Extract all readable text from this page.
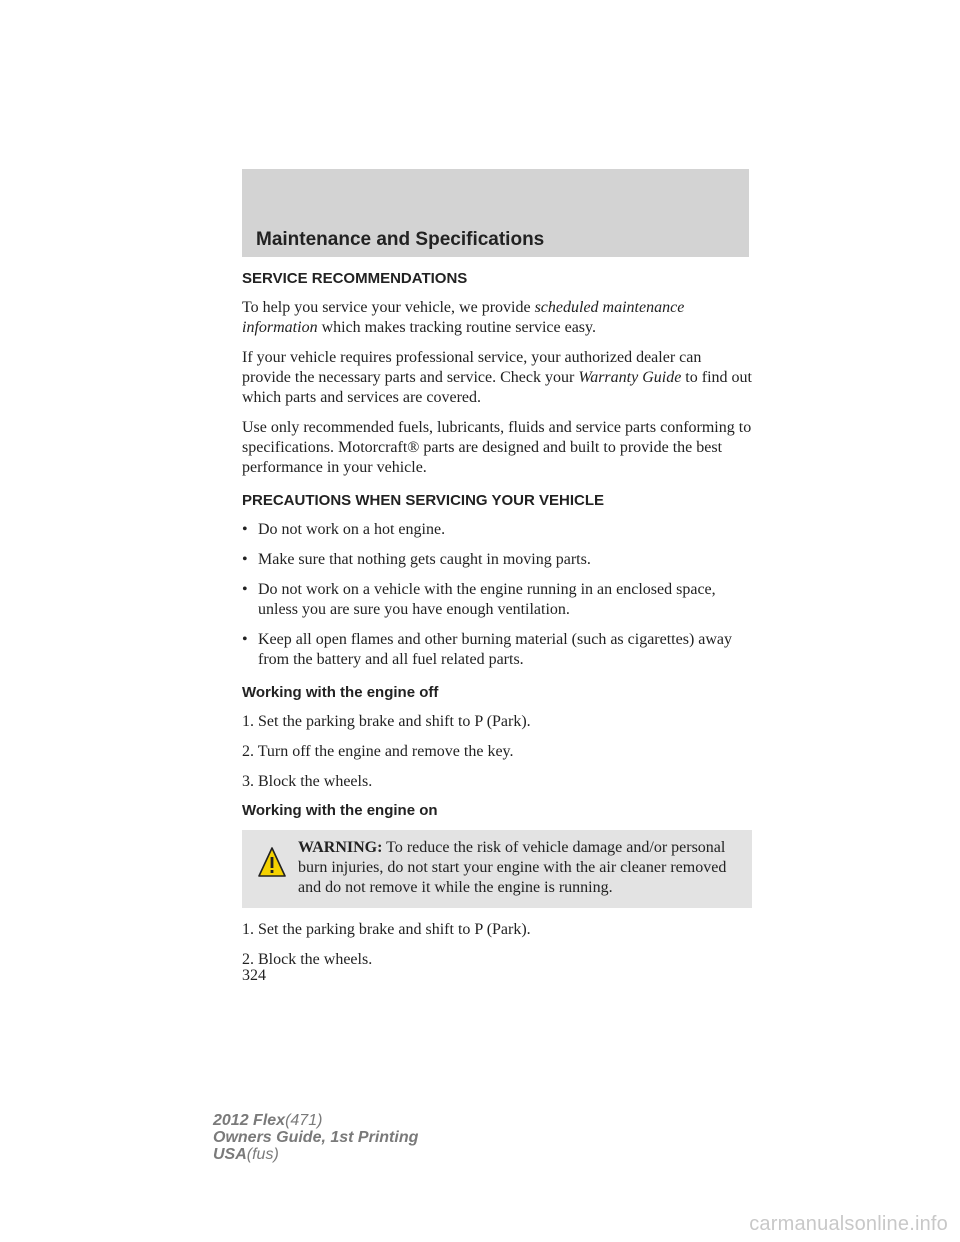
Maintenance and Specifications
SERVICE RECOMMENDATIONS

To help you service your vehicle, we provide scheduled maintenance information which makes tracking routine service easy.

If your vehicle requires professional service, your authorized dealer can provide the necessary parts and service. Check your Warranty Guide to find out which parts and services are covered.

Use only recommended fuels, lubricants, fluids and service parts conforming to specifications. Motorcraft® parts are designed and built to provide the best performance in your vehicle.

PRECAUTIONS WHEN SERVICING YOUR VEHICLE
• Do not work on a hot engine.
• Make sure that nothing gets caught in moving parts.
• Do not work on a vehicle with the engine running in an enclosed space, unless you are sure you have enough ventilation.
• Keep all open flames and other burning material (such as cigarettes) away from the battery and all fuel related parts.
Working with the engine off
1. Set the parking brake and shift to P (Park).
2. Turn off the engine and remove the key.
3. Block the wheels.
Working with the engine on
WARNING: To reduce the risk of vehicle damage and/or personal burn injuries, do not start your engine with the air cleaner removed and do not remove it while the engine is running.
1. Set the parking brake and shift to P (Park).
2. Block the wheels.
324
2012 Flex(471)
Owners Guide, 1st Printing
USA(fus)
carmanualsonline.info
